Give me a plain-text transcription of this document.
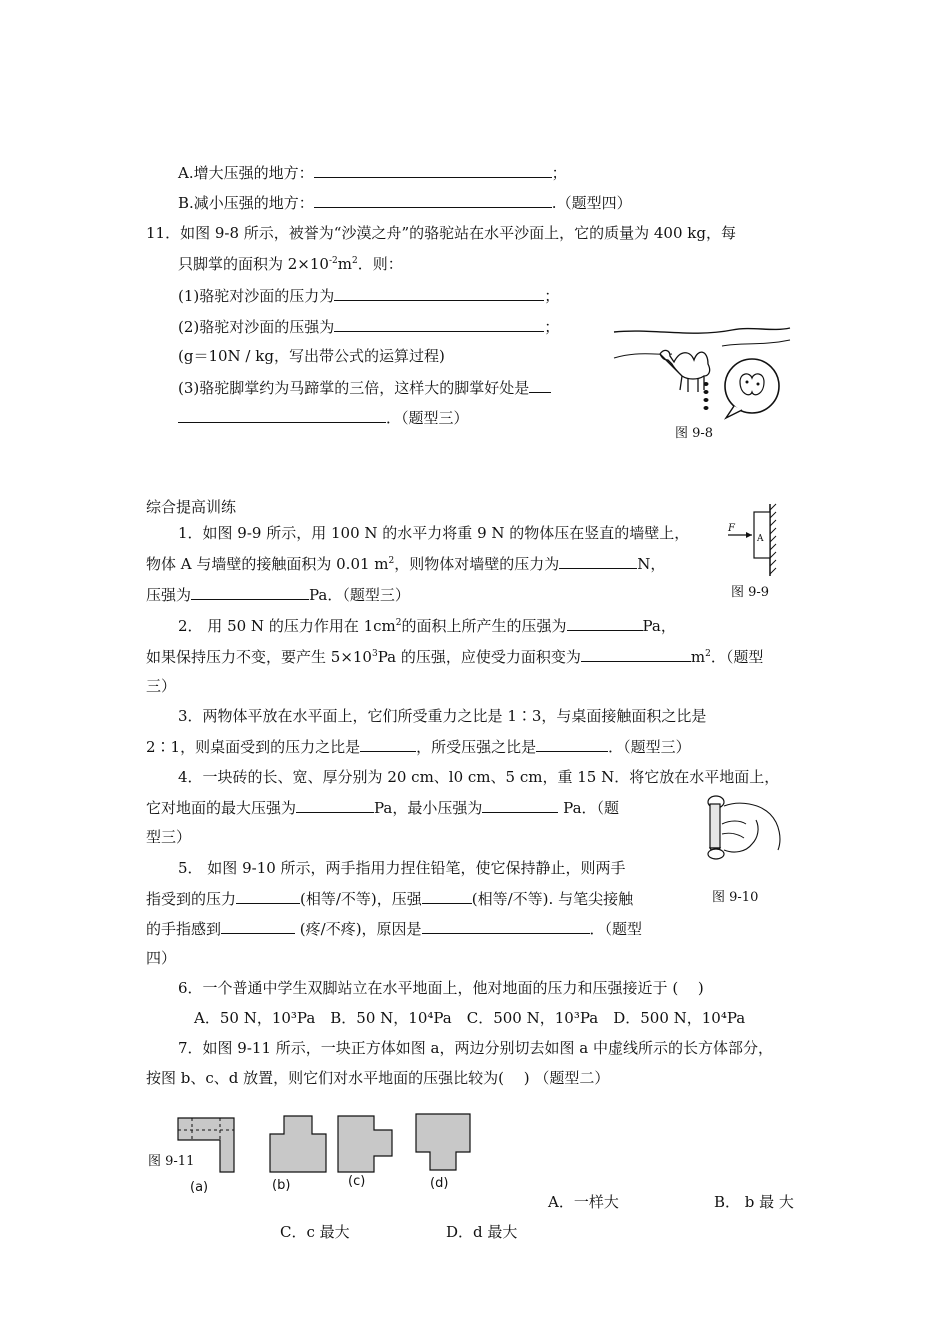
A.增大压强的地方：	；
B.减小压强的地方：	.（题型四）
11．如图 9-8 所示，被誉为“沙漠之舟”的骆驼站在水平沙面上，它的质量为 400 kg，每
只脚掌的面积为 $2\times 10^{-2}m^2$．则：
(1)骆驼对沙面的压力为	；
(2)骆驼对沙面的压强为	；
(g＝10N / kg，写出带公式的运算过程)
(3)骆驼脚掌约为马蹄掌的三倍，这样大的脚掌好处是
．（题型三）
图 9-8
综合提高训练
1．如图 9-9 所示，用 100 N 的水平力将重 9 N 的物体压在竖直的墙壁上，
物体 A 与墙壁的接触面积为 0.01 $m^2$，则物体对墙壁的压力为	N，
压强为	Pa．（题型三）
F
A
图 9-9
2． 用 50 N 的压力作用在 $1cm^2$的面积上所产生的压强为	Pa，
如果保持压力不变，要产生 $5\times 10^3Pa$ 的压强，应使受力面积变为	$m^2$．（题型
三）
3．两物体平放在水平面上，它们所受重力之比是 1∶3，与桌面接触面积之比是
2∶1，则桌面受到的压力之比是	，所受压强之比是	．（题型三）
4．一块砖的长、宽、厚分别为 20 cm、l0 cm、5 cm，重 15 N．将它放在水平地面上，
它对地面的最大压强为	Pa，最小压强为	Pa．（题
型三）
图 9-10
5． 如图 9-10 所示，两手指用力捏住铅笔，使它保持静止，则两手
指受到的压力	(相等/不等)，压强	(相等/不等). 与笔尖接触
的手指感到	(疼/不疼)，原因是	．（题型
四）
6．一个普通中学生双脚站立在水平地面上，他对地面的压力和压强接近于 (　 )
A．50 N，10³Pa　B．50 N，10⁴Pa　C．500 N，10³Pa　D．500 N，10⁴Pa
7．如图 9-11 所示，一块正方体如图 a，两边分别切去如图 a 中虚线所示的长方体部分，
按图 b、c、d 放置，则它们对水平地面的压强比较为(　 ) （题型二）
图 9-11
(a)	(b)	(c)	(d)
A．一样大	B． b 最 大
C．c 最大	D．d 最大
